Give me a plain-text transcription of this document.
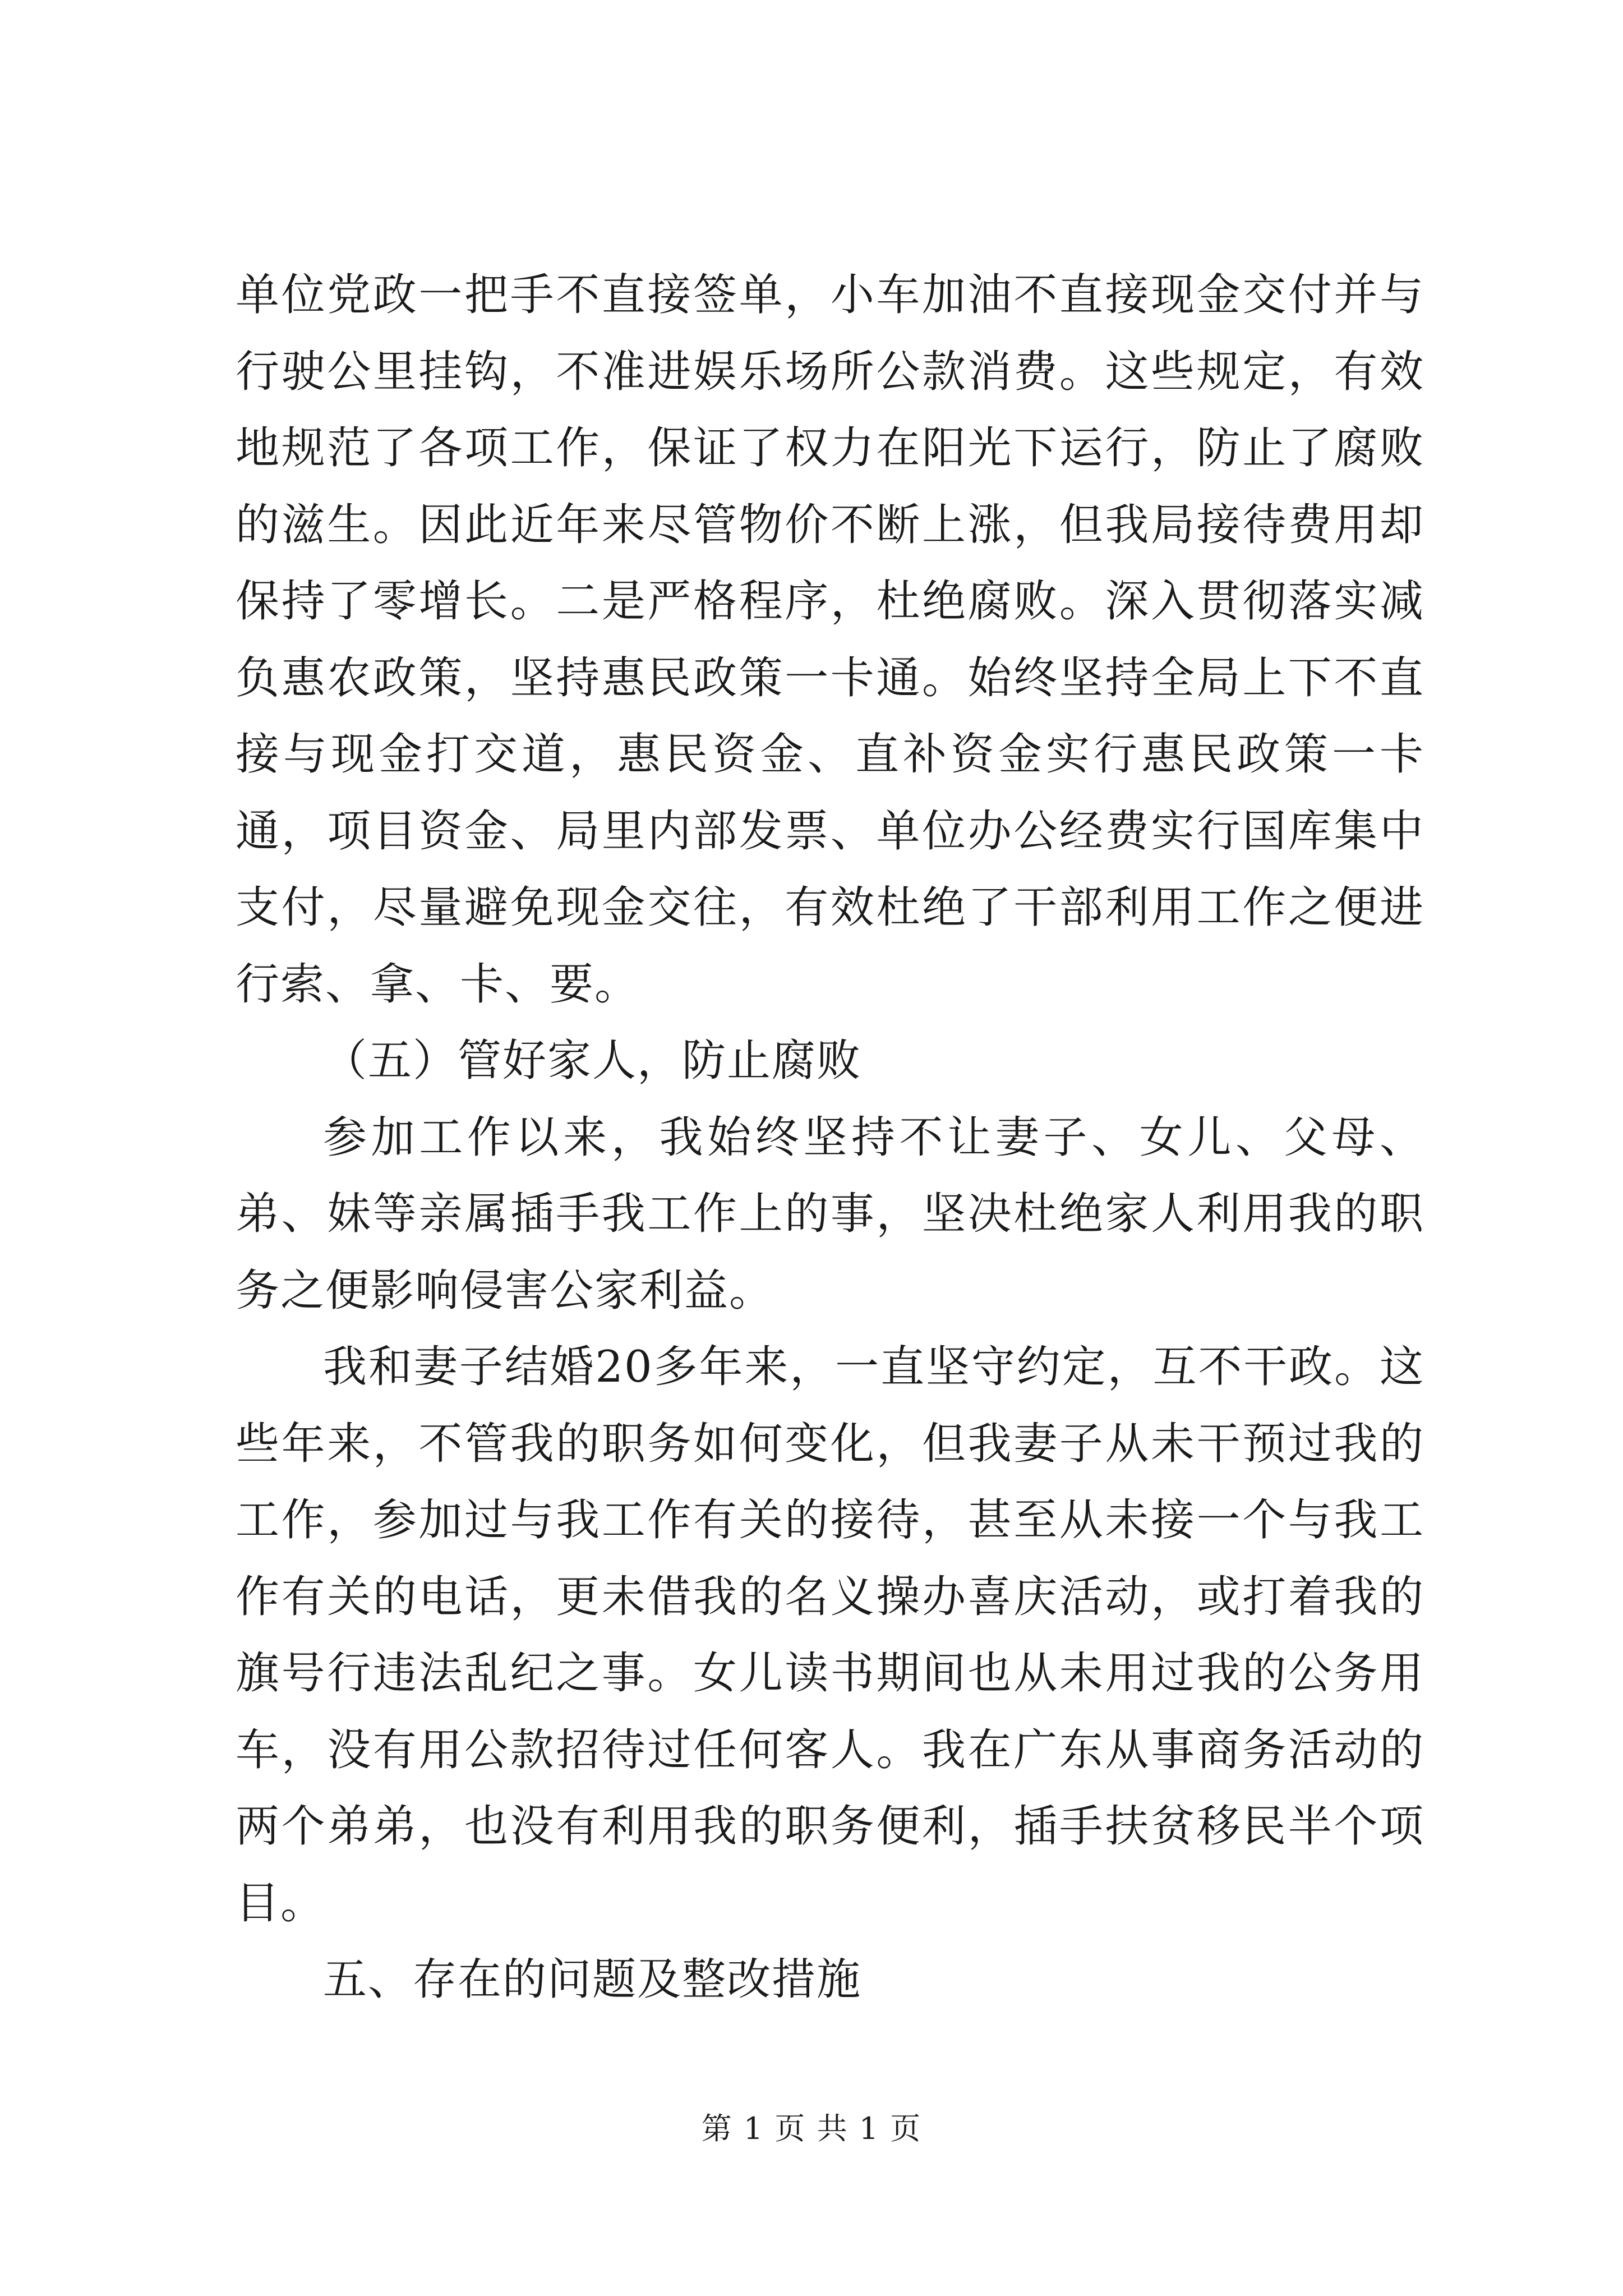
单位党政一把手不直接签单，小车加油不直接现金交付并与行驶公里挂钩，不准进娱乐场所公款消费。这些规定，有效地规范了各项工作，保证了权力在阳光下运行，防止了腐败的滋生。因此近年来尽管物价不断上涨，但我局接待费用却保持了零增长。二是严格程序，杜绝腐败。深入贯彻落实减负惠农政策，坚持惠民政策一卡通。始终坚持全局上下不直接与现金打交道，惠民资金、直补资金实行惠民政策一卡通，项目资金、局里内部发票、单位办公经费实行国库集中支付，尽量避免现金交往，有效杜绝了干部利用工作之便进行索、拿、卡、要。

（五）管好家人，防止腐败

参加工作以来，我始终坚持不让妻子、女儿、父母、弟、妹等亲属插手我工作上的事，坚决杜绝家人利用我的职务之便影响侵害公家利益。

我和妻子结婚20多年来，一直坚守约定，互不干政。这些年来，不管我的职务如何变化，但我妻子从未干预过我的工作，参加过与我工作有关的接待，甚至从未接一个与我工作有关的电话，更未借我的名义操办喜庆活动，或打着我的旗号行违法乱纪之事。女儿读书期间也从未用过我的公务用车，没有用公款招待过任何客人。我在广东从事商务活动的两个弟弟，也没有利用我的职务便利，插手扶贫移民半个项目。

五、存在的问题及整改措施

第 1 页 共 1 页
